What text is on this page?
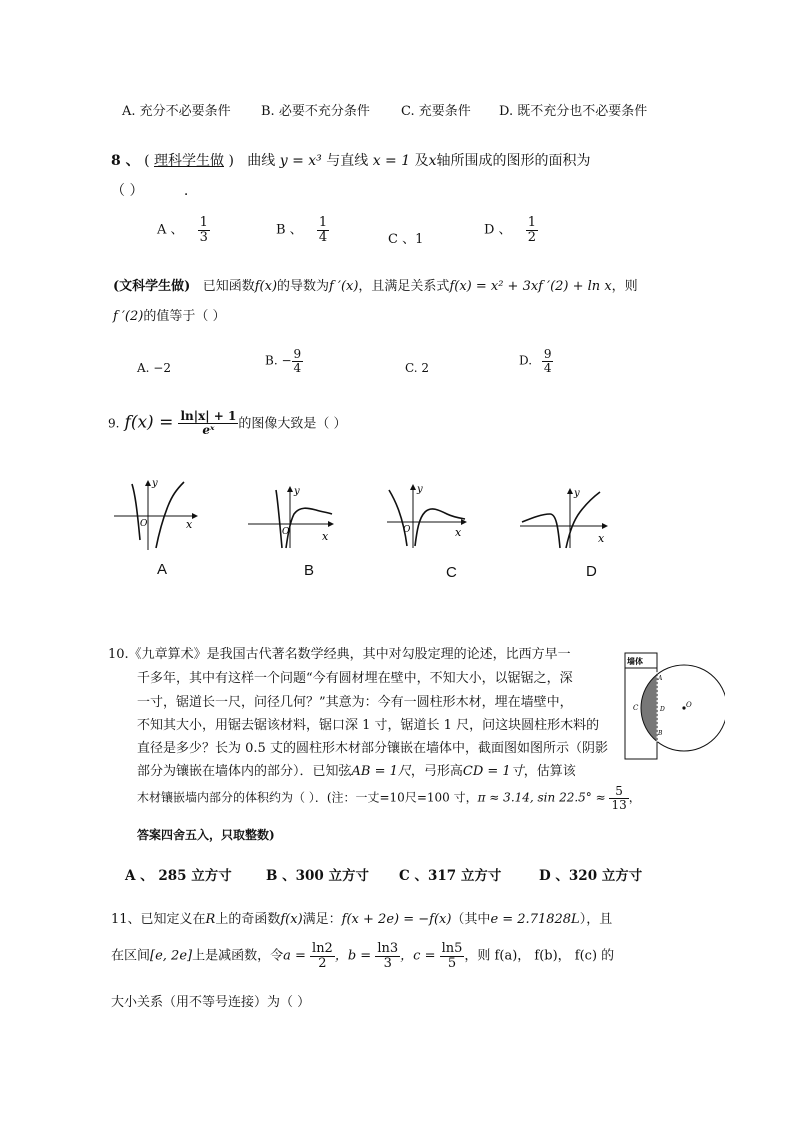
A. 充分不必要条件 B. 必要不充分条件 C. 充要条件 D. 既不充分也不必要条件
8 、 ( 理科学生做 ) 曲线 y = x³ 与直线 x = 1 及x轴所围成的图形的面积为
（ ）	.
A 、 $\frac{1}{3}$	B 、 $\frac{1}{4}$	C 、1
D 、 $\frac{1}{2}$
(文科学生做) 已知函数f(x)的导数为f ′(x)，且满足关系式f(x) = x² + 3xf ′(2) + ln x，则
f ′(2)的值等于（ ）
A. −2
B. − $\frac{9}{4}$	C. 2
D. $\frac{9}{4}$
9. $f(x) = \frac{\ln|x| + 1}{\text{eˣ}}$ 的图像大致是（ ）
O
y
x
A
O
y
x
B
O
y
x
C
y
x
D
10.《九章算术》是我国古代著名数学经典，其中对勾股定理的论述，比西方早一
千多年，其中有这样一个问题“今有圆材埋在壁中，不知大小，以锯锯之，深
一寸，锯道长一尺，问径几何？”其意为：今有一圆柱形木材，埋在墙壁中，
不知其大小，用锯去锯该材料，锯口深 1 寸，锯道长 1 尺，问这块圆柱形木料的
直径是多少？长为 0.5 丈的圆柱形木材部分镶嵌在墙体中，截面图如图所示（阴影
部分为镶嵌在墙体内的部分）．已知弦AB = 1尺，弓形高CD = 1寸，估算该
木材镶嵌墙内部分的体积约为（ ）．(注：一丈=10尺=100 寸，π ≈ 3.14, $\sin 22.5^\circ \approx \frac{5}{13}$ ，
答案四舍五入，只取整数)
墙体
A
B
C	D
O
A 、 285 立方寸	B 、300 立方寸 C 、317 立方寸	D 、320 立方寸
11、已知定义在R上的奇函数f(x)满足：f(x + 2e) = −f(x)（其中e = 2.71828L），且
在区间[e, 2e]上是减函数，令$a = \frac{\ln 2}{2}$ ，$b = \frac{\ln 3}{3}$ ，$c = \frac{\ln 5}{5}$ ，则 f(a)， f(b)， f(c) 的
大小关系（用不等号连接）为（ ）
